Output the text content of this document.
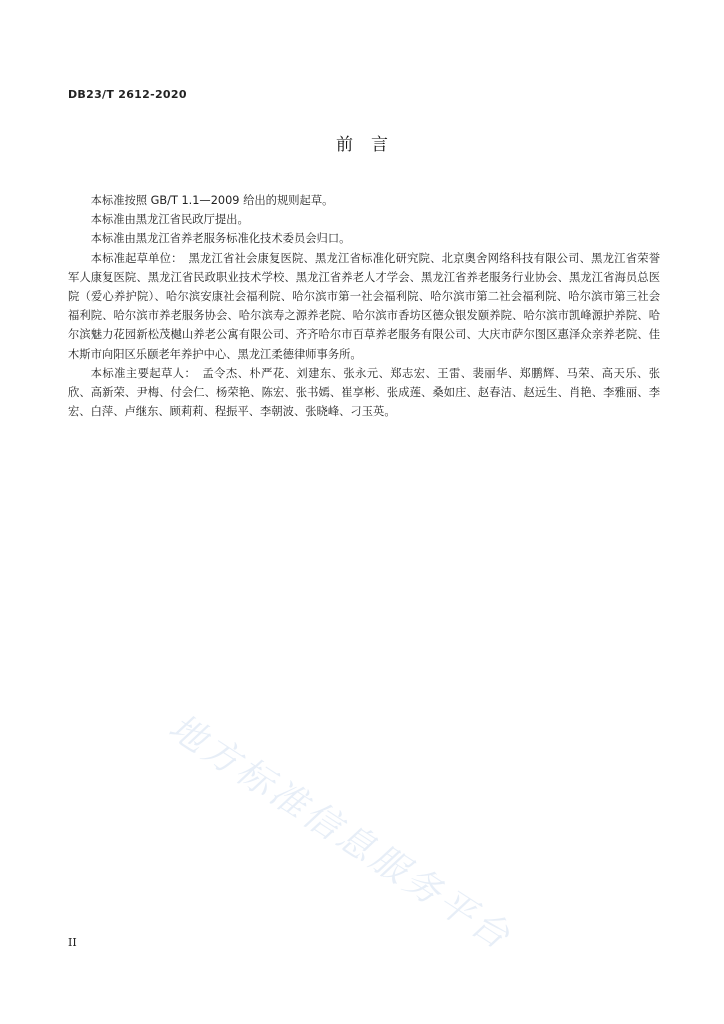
DB23/T 2612-2020
前言

本标准按照 GB/T 1.1—2009 给出的规则起草。

本标准由黑龙江省民政厅提出。

本标准由黑龙江省养老服务标准化技术委员会归口。

本标准起草单位：　黑龙江省社会康复医院、黑龙江省标准化研究院、北京奥舍网络科技有限公司、黑龙江省荣誉军人康复医院、黑龙江省民政职业技术学校、黑龙江省养老人才学会、黑龙江省养老服务行业协会、黑龙江省海员总医院（爱心养护院）、哈尔滨安康社会福利院、哈尔滨市第一社会福利院、哈尔滨市第二社会福利院、哈尔滨市第三社会福利院、哈尔滨市养老服务协会、哈尔滨寿之源养老院、哈尔滨市香坊区德众银发颐养院、哈尔滨市凯峰源护养院、哈尔滨魅力花园新松茂樾山养老公寓有限公司、齐齐哈尔市百草养老服务有限公司、大庆市萨尔图区惠泽众亲养老院、佳木斯市向阳区乐颐老年养护中心、黑龙江柔德律师事务所。

本标准主要起草人：　孟令杰、朴严花、刘建东、张永元、郑志宏、王雷、裴丽华、郑鹏辉、马荣、高天乐、张欣、高新荣、尹梅、付会仁、杨荣艳、陈宏、张书嫣、崔享彬、张成莲、桑如庄、赵春洁、赵远生、肖艳、李雅丽、李宏、白萍、卢继东、顾莉莉、程振平、李朝波、张晓峰、刁玉英。

地方标准信息服务平台
II
